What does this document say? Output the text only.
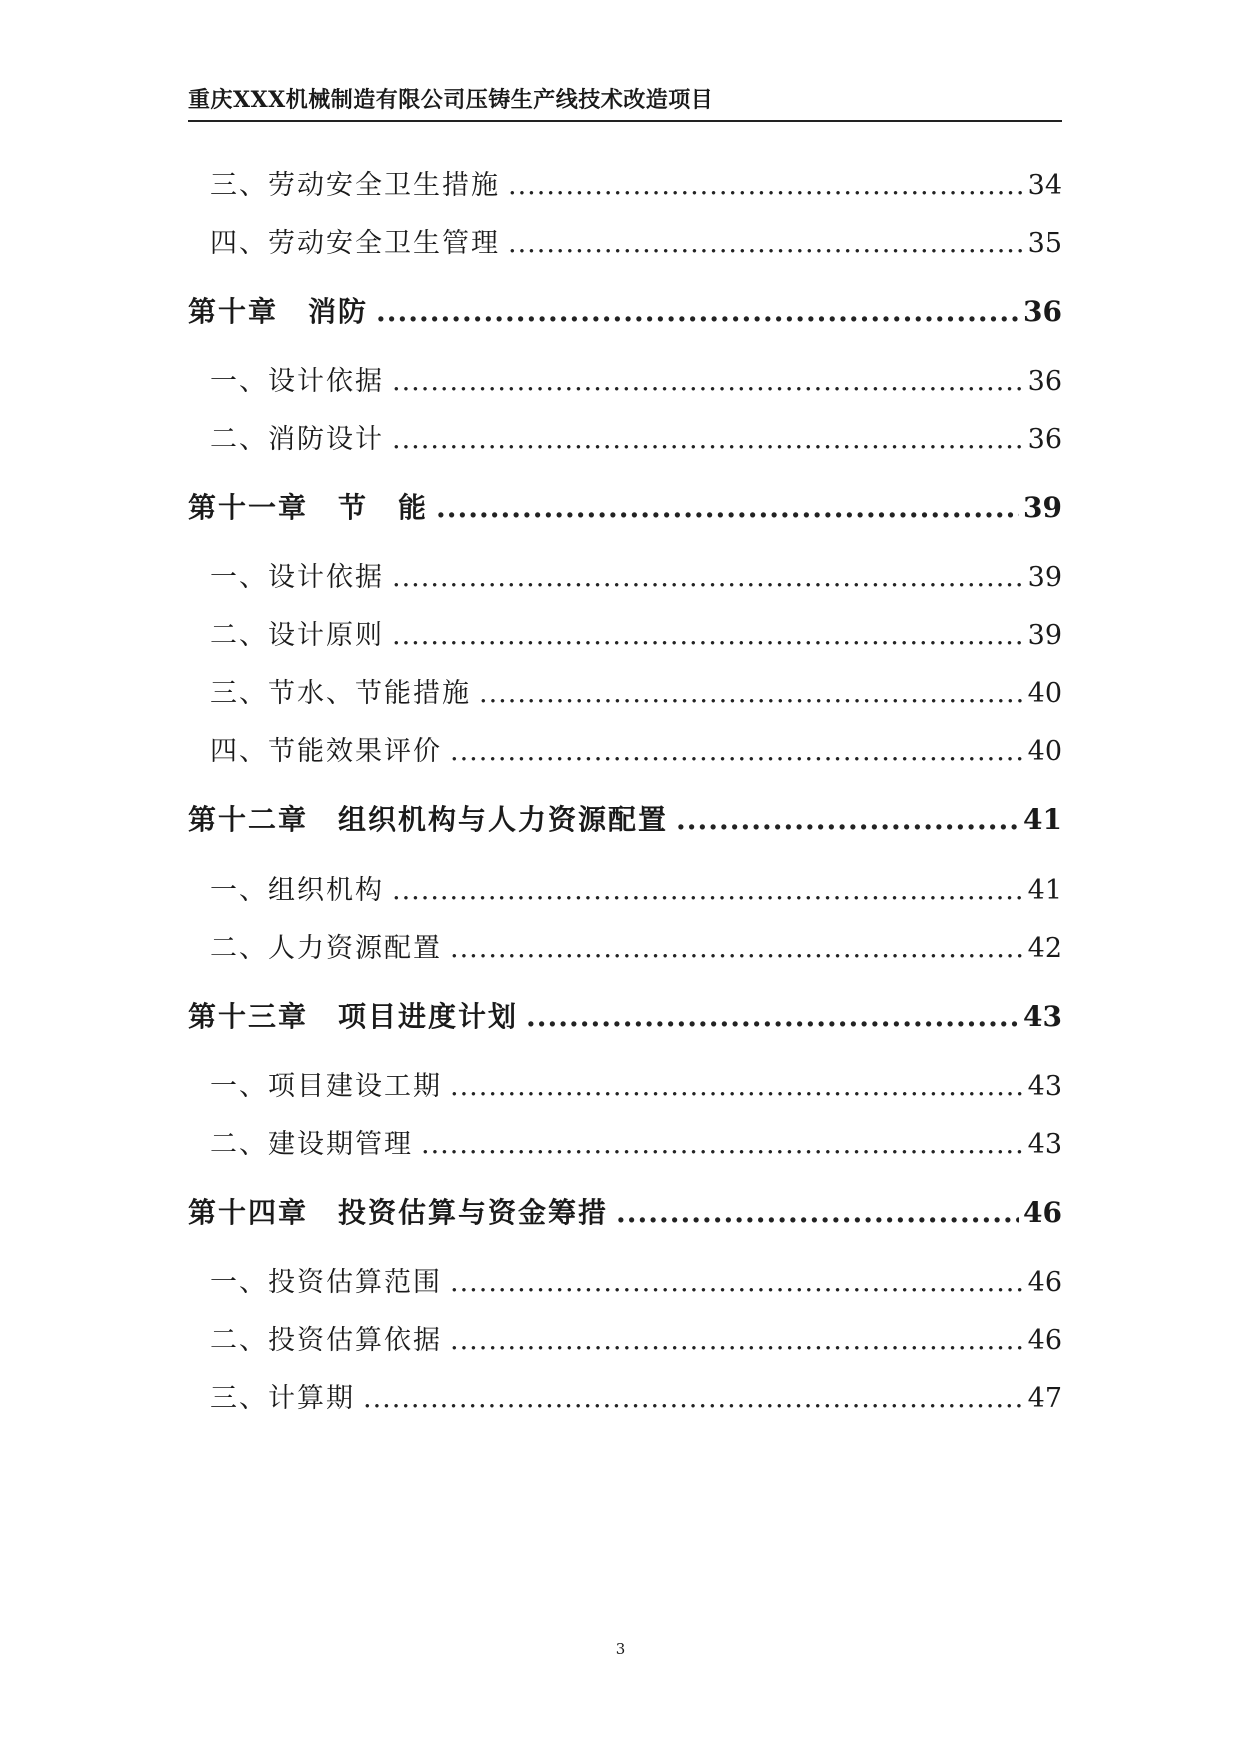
重庆XXX机械制造有限公司压铸生产线技术改造项目
三、劳动安全卫生措施 .....	34
四、劳动安全卫生管理 .....	35
第十章　消防 .....	36
一、设计依据 .....	36
二、消防设计 .....	36
第十一章　节　能 .....	39
一、设计依据 .....	39
二、设计原则 .....	39
三、节水、节能措施 .....	40
四、节能效果评价 .....	40
第十二章　组织机构与人力资源配置 .....	41
一、组织机构 .....	41
二、人力资源配置 .....	42
第十三章　项目进度计划 .....	43
一、项目建设工期 .....	43
二、建设期管理 .....	43
第十四章　投资估算与资金筹措 .....	46
一、投资估算范围 .....	46
二、投资估算依据 .....	46
三、计算期 .....	47
3
